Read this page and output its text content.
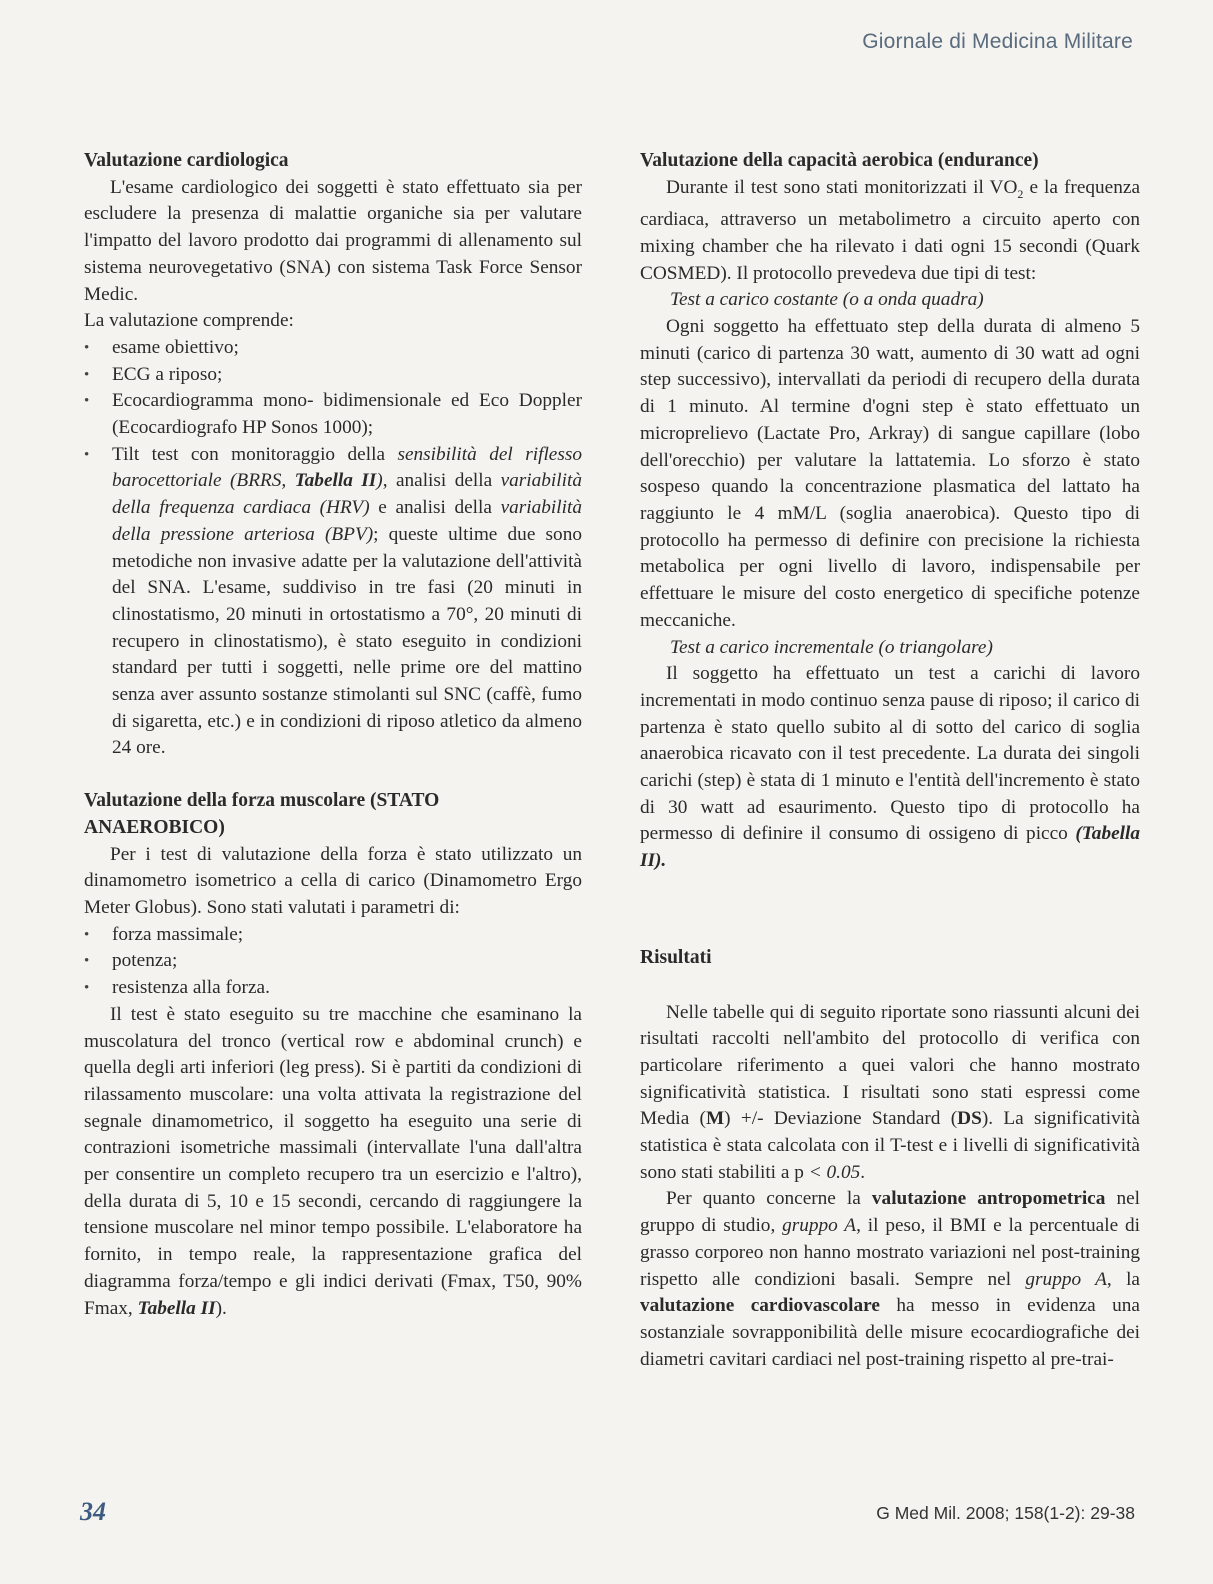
Giornale di Medicina Militare
Valutazione cardiologica

L'esame cardiologico dei soggetti è stato effettuato sia per escludere la presenza di malattie organiche sia per valutare l'impatto del lavoro prodotto dai programmi di allenamento sul sistema neurovegetativo (SNA) con sistema Task Force Sensor Medic.

La valutazione comprende:

• esame obiettivo;
• ECG a riposo;
• Ecocardiogramma mono- bidimensionale ed Eco Doppler (Ecocardiografo HP Sonos 1000);
• Tilt test con monitoraggio della sensibilità del riflesso barocettoriale (BRRS, Tabella II), analisi della variabilità della frequenza cardiaca (HRV) e analisi della variabilità della pressione arteriosa (BPV); queste ultime due sono metodiche non invasive adatte per la valutazione dell'attività del SNA. L'esame, suddiviso in tre fasi (20 minuti in clinostatismo, 20 minuti in ortostatismo a 70°, 20 minuti di recupero in clinostatismo), è stato eseguito in condizioni standard per tutti i soggetti, nelle prime ore del mattino senza aver assunto sostanze stimolanti sul SNC (caffè, fumo di sigaretta, etc.) e in condizioni di riposo atletico da almeno 24 ore.
Valutazione della forza muscolare (STATO ANAEROBICO)

Per i test di valutazione della forza è stato utilizzato un dinamometro isometrico a cella di carico (Dinamometro Ergo Meter Globus). Sono stati valutati i parametri di:

• forza massimale;
• potenza;
• resistenza alla forza.

Il test è stato eseguito su tre macchine che esaminano la muscolatura del tronco (vertical row e abdominal crunch) e quella degli arti inferiori (leg press). Si è partiti da condizioni di rilassamento muscolare: una volta attivata la registrazione del segnale dinamometrico, il soggetto ha eseguito una serie di contrazioni isometriche massimali (intervallate l'una dall'altra per consentire un completo recupero tra un esercizio e l'altro), della durata di 5, 10 e 15 secondi, cercando di raggiungere la tensione muscolare nel minor tempo possibile. L'elaboratore ha fornito, in tempo reale, la rappresentazione grafica del diagramma forza/tempo e gli indici derivati (Fmax, T50, 90% Fmax, Tabella II).

Valutazione della capacità aerobica (endurance)

Durante il test sono stati monitorizzati il $VO_2$ e la frequenza cardiaca, attraverso un metabolimetro a circuito aperto con mixing chamber che ha rilevato i dati ogni 15 secondi (Quark COSMED). Il protocollo prevedeva due tipi di test:

Test a carico costante (o a onda quadra)

Ogni soggetto ha effettuato step della durata di almeno 5 minuti (carico di partenza 30 watt, aumento di 30 watt ad ogni step successivo), intervallati da periodi di recupero della durata di 1 minuto. Al termine d'ogni step è stato effettuato un microprelievo (Lactate Pro, Arkray) di sangue capillare (lobo dell'orecchio) per valutare la lattatemia. Lo sforzo è stato sospeso quando la concentrazione plasmatica del lattato ha raggiunto le 4 mM/L (soglia anaerobica). Questo tipo di protocollo ha permesso di definire con precisione la richiesta metabolica per ogni livello di lavoro, indispensabile per effettuare le misure del costo energetico di specifiche potenze meccaniche.

Test a carico incrementale (o triangolare)

Il soggetto ha effettuato un test a carichi di lavoro incrementati in modo continuo senza pause di riposo; il carico di partenza è stato quello subito al di sotto del carico di soglia anaerobica ricavato con il test precedente. La durata dei singoli carichi (step) è stata di 1 minuto e l'entità dell'incremento è stato di 30 watt ad esaurimento. Questo tipo di protocollo ha permesso di definire il consumo di ossigeno di picco (Tabella II).

Risultati

Nelle tabelle qui di seguito riportate sono riassunti alcuni dei risultati raccolti nell'ambito del protocollo di verifica con particolare riferimento a quei valori che hanno mostrato significatività statistica. I risultati sono stati espressi come Media (M) +/- Deviazione Standard (DS). La significatività statistica è stata calcolata con il T-test e i livelli di significatività sono stati stabiliti a p < 0.05.

Per quanto concerne la valutazione antropometrica nel gruppo di studio, gruppo A, il peso, il BMI e la percentuale di grasso corporeo non hanno mostrato variazioni nel post-training rispetto alle condizioni basali. Sempre nel gruppo A, la valutazione cardiovascolare ha messo in evidenza una sostanziale sovrapponibilità delle misure ecocardiografiche dei diametri cavitari cardiaci nel post-training rispetto al pre-trai-

34	G Med Mil. 2008; 158(1-2): 29-38
